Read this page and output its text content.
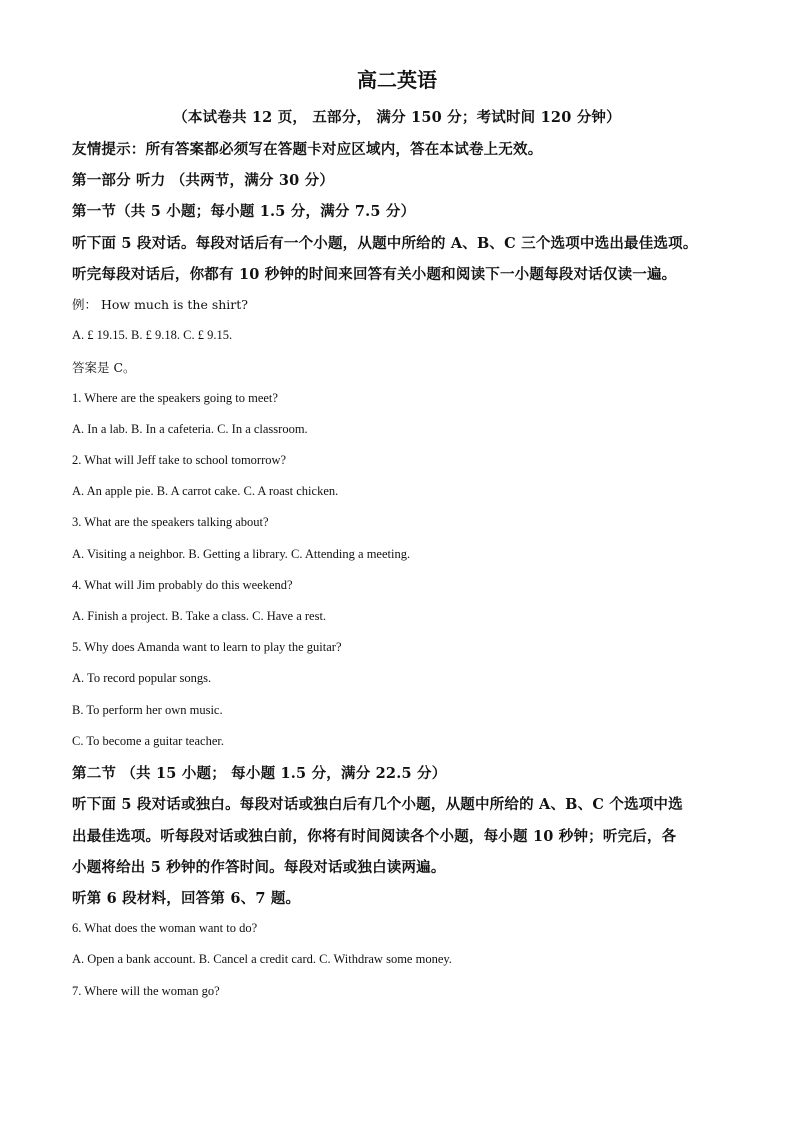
高二英语
（本试卷共 12 页， 五部分， 满分 150 分；考试时间 120 分钟）
友情提示：所有答案都必须写在答题卡对应区域内，答在本试卷上无效。
第一部分 听力 （共两节，满分 30 分）
第一节（共 5 小题；每小题 1.5 分，满分 7.5 分）
听下面 5 段对话。每段对话后有一个小题，从题中所给的 A、B、C 三个选项中选出最佳选项。
听完每段对话后，你都有 10 秒钟的时间来回答有关小题和阅读下一小题每段对话仅读一遍。
例： How much is the shirt?
A. £ 19.15. B. £ 9.18. C. £ 9.15.
答案是 C。
1. Where are the speakers going to meet?
A. In a lab. B. In a cafeteria. C. In a classroom.
2. What will Jeff take to school tomorrow?
A. An apple pie. B. A carrot cake. C. A roast chicken.
3. What are the speakers talking about?
A. Visiting a neighbor. B. Getting a library. C. Attending a meeting.
4. What will Jim probably do this weekend?
A. Finish a project. B. Take a class. C. Have a rest.
5. Why does Amanda want to learn to play the guitar?
A. To record popular songs.
B. To perform her own music.
C. To become a guitar teacher.
第二节 （共 15 小题； 每小题 1.5 分，满分 22.5 分）
听下面 5 段对话或独白。每段对话或独白后有几个小题，从题中所给的 A、B、C 个选项中选
出最佳选项。听每段对话或独白前，你将有时间阅读各个小题，每小题 10 秒钟；听完后，各
小题将给出 5 秒钟的作答时间。每段对话或独白读两遍。
听第 6 段材料，回答第 6、7 题。
6. What does the woman want to do?
A. Open a bank account. B. Cancel a credit card. C. Withdraw some money.
7. Where will the woman go?
